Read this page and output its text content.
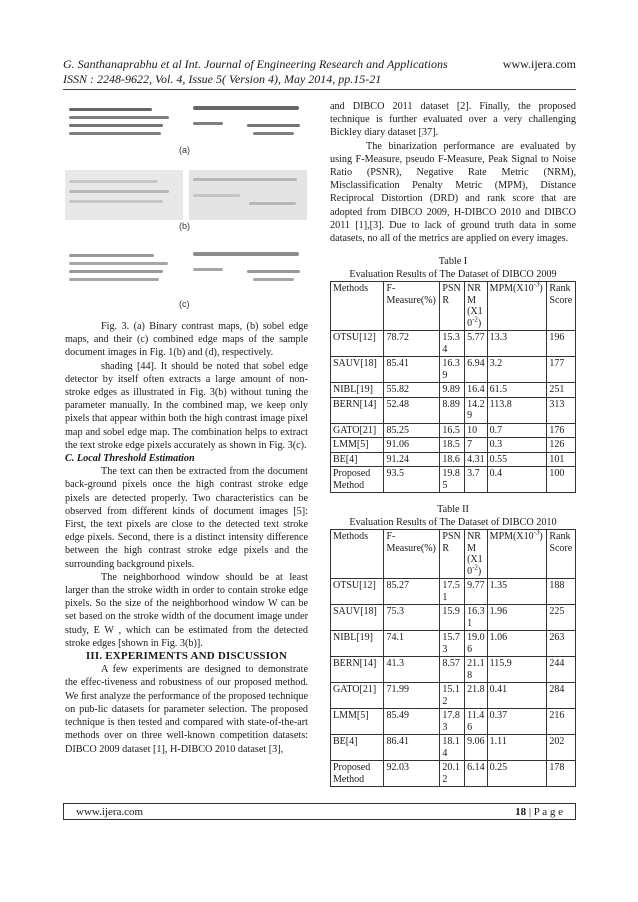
G. Santhanaprabhu et al Int. Journal of Engineering Research and Applications	www.ijera.com
ISSN : 2248-9622, Vol. 4, Issue 5( Version 4), May 2014, pp.15-21
(a)
(b)
(c)

Fig. 3. (a) Binary contrast maps, (b) sobel edge maps, and their (c) combined edge maps of the sample document images in Fig. 1(b) and (d), respectively.

shading [44]. It should be noted that sobel edge detector by itself often extracts a large amount of non-stroke edges as illustrated in Fig. 3(b) without tuning the parameter manually. In the combined map, we keep only pixels that appear within both the high contrast image pixel map and sobel edge map. The combination helps to extract the text stroke edge pixels accurately as shown in Fig. 3(c).

C. Local Threshold Estimation

The text can then be extracted from the document back-ground pixels once the high contrast stroke edge pixels are detected properly. Two characteristics can be observed from different kinds of document images [5]: First, the text pixels are close to the detected text stroke edge pixels. Second, there is a distinct intensity difference between the high contrast stroke edge pixels and the surrounding background pixels.

The neighborhood window should be at least larger than the stroke width in order to contain stroke edge pixels. So the size of the neighborhood window W can be set based on the stroke width of the document image under study, E W , which can be estimated from the detected stroke edges [shown in Fig. 3(b)].

III. EXPERIMENTS AND DISCUSSION

A few experiments are designed to demonstrate the effec-tiveness and robustness of our proposed method. We ﬁrst analyze the performance of the proposed technique on pub-lic datasets for parameter selection. The proposed technique is then tested and compared with state-of-the-art methods over on three well-known competition datasets: DIBCO 2009 dataset [1], H-DIBCO 2010 dataset [3],

and DIBCO 2011 dataset [2]. Finally, the proposed technique is further evaluated over a very challenging Bickley diary dataset [37].

The binarization performance are evaluated by using F-Measure, pseudo F-Measure, Peak Signal to Noise Ratio (PSNR), Negative Rate Metric (NRM), Misclassification Penalty Metric (MPM), Distance Reciprocal Distortion (DRD) and rank score that are adopted from DIBCO 2009, H-DIBCO 2010 and DIBCO 2011 [1],[3]. Due to lack of ground truth data in some datasets, no all of the metrics are applied on every images.

Table I
Evaluation Results of The Dataset of DIBCO 2009
Methods	F-Measure(%)	PSNR	NRM $(X10^{-2})$	$MPM(X10^{-3})$	Rank Score
OTSU[12]	78.72	15.34	5.77	13.3	196
SAUV[18]	85.41	16.39	6.94	3.2	177
NIBL[19]	55.82	9.89	16.4	61.5	251
BERN[14]	52.48	8.89	14.29	113.8	313
GATO[21]	85.25	16.5	10	0.7	176
LMM[5]	91.06	18.5	7	0.3	126
BE[4]	91.24	18.6	4.31	0.55	101
Proposed Method	93.5	19.85	3.7	0.4	100
Table II
Evaluation Results of The Dataset of DIBCO 2010
Methods	F-Measure(%)	PSNR	NRM $(X10^{-2})$	$MPM(X10^{-3})$	Rank Score
OTSU[12]	85.27	17.51	9.77	1.35	188
SAUV[18]	75.3	15.9	16.31	1.96	225
NIBL[19]	74.1	15.73	19.06	1.06	263
BERN[14]	41.3	8.57	21.18	115.9	244
GATO[21]	71.99	15.12	21.8	0.41	284
LMM[5]	85.49	17.83	11.46	0.37	216
BE[4]	86.41	18.14	9.06	1.11	202
Proposed Method	92.03	20.12	6.14	0.25	178
www.ijera.com	18 | P a g e
